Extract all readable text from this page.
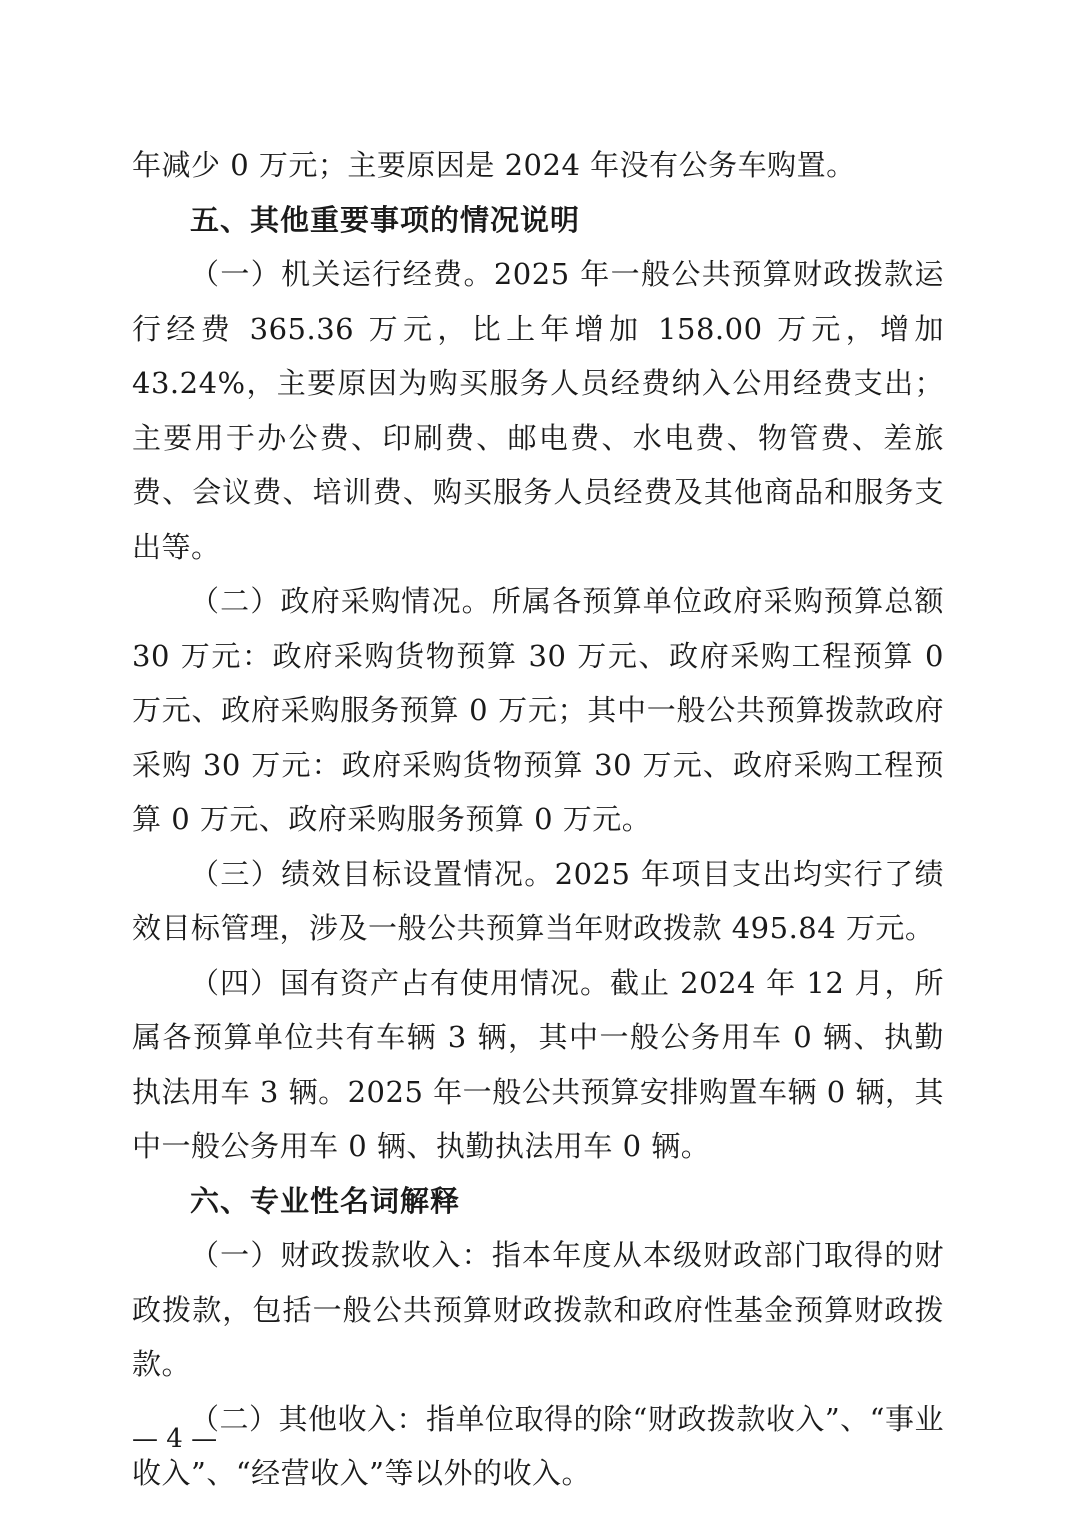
年减少 0 万元；主要原因是 2024 年没有公务车购置。

五、其他重要事项的情况说明

（一）机关运行经费。2025 年一般公共预算财政拨款运行经费 365.36 万元，比上年增加 158.00 万元，增加 43.24%，主要原因为购买服务人员经费纳入公用经费支出；主要用于办公费、印刷费、邮电费、水电费、物管费、差旅费、会议费、培训费、购买服务人员经费及其他商品和服务支出等。

（二）政府采购情况。所属各预算单位政府采购预算总额 30 万元：政府采购货物预算 30 万元、政府采购工程预算 0 万元、政府采购服务预算 0 万元；其中一般公共预算拨款政府采购 30 万元：政府采购货物预算 30 万元、政府采购工程预算 0 万元、政府采购服务预算 0 万元。

（三）绩效目标设置情况。2025 年项目支出均实行了绩效目标管理，涉及一般公共预算当年财政拨款 495.84 万元。

（四）国有资产占有使用情况。截止 2024 年 12 月，所属各预算单位共有车辆 3 辆，其中一般公务用车 0 辆、执勤执法用车 3 辆。2025 年一般公共预算安排购置车辆 0 辆，其中一般公务用车 0 辆、执勤执法用车 0 辆。

六、专业性名词解释

（一）财政拨款收入：指本年度从本级财政部门取得的财政拨款，包括一般公共预算财政拨款和政府性基金预算财政拨款。

（二）其他收入：指单位取得的除“财政拨款收入”、“事业收入”、“经营收入”等以外的收入。

— 4 —
